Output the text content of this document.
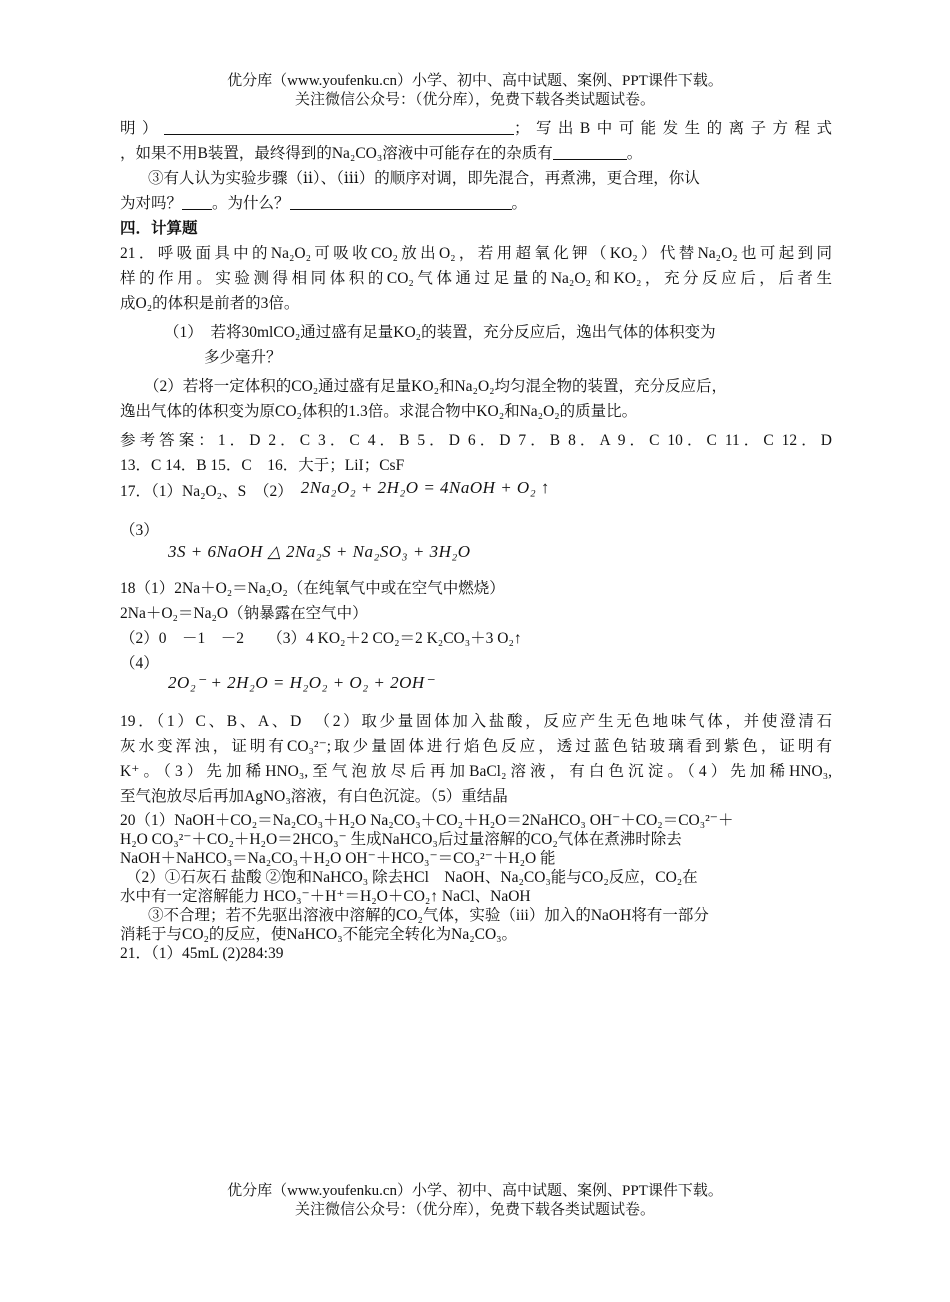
优分库（www.youfenku.cn）小学、初中、高中试题、案例、PPT课件下载。
关注微信公众号：（优分库），免费下载各类试题试卷。

明）	；写出B中可能发生的离子方程式

，如果不用B装置，最终得到的Na₂CO₃溶液中可能存在的杂质有	。

③有人认为实验步骤（ⅱ）、（ⅲ）的顺序对调，即先混合，再煮沸，更合理，你认

为对吗？ 。为什么？	。

四．计算题

21．呼吸面具中的Na₂O₂可吸收CO₂放出O₂，若用超氧化钾（KO₂）代替Na₂O₂也可起到同

样的作用。实验测得相同体积的CO₂气体通过足量的Na₂O₂和KO₂，充分反应后，后者生

成O₂的体积是前者的3倍。

（1）　若将30mlCO₂通过盛有足量KO₂的装置，充分反应后，逸出气体的体积变为

多少毫升？

（2）若将一定体积的CO₂通过盛有足量KO₂和Na₂O₂均匀混全物的装置，充分反应后，

逸出气体的体积变为原CO₂体积的1.3倍。求混合物中KO₂和Na₂O₂的质量比。

参考答案：1．D 2．C 3．C 4．B 5．D 6．D 7．B 8．A 9．C 10．C 11．C 12．D

13．C 14．B 15．C　16．大于；LiI；CsF

17．（1）Na₂O₂、S　（2） 2Na₂O₂ + 2H₂O = 4NaOH + O₂ ↑

（3）

3S + 6NaOH △ 2Na₂S + Na₂SO₃ + 3H₂O

18（1）2Na＋O₂＝Na₂O₂（在纯氧气中或在空气中燃烧）

2Na＋O₂＝Na₂O（钠暴露在空气中）

（2）0　－1　－2　　（3）4 KO₂＋2 CO₂＝2 K₂CO₃＋3 O₂↑

（4）

2O₂⁻ + 2H₂O = H₂O₂ + O₂ + 2OH⁻

19．（1）C、B、A、D　（2）取少量固体加入盐酸，反应产生无色地味气体，并使澄清石

灰水变浑浊，证明有CO₃²⁻;取少量固体进行焰色反应，透过蓝色钴玻璃看到紫色，证明有

K⁺。（3）先加稀HNO₃,至气泡放尽后再加BaCl₂溶液，有白色沉淀。（4）先加稀HNO₃,

至气泡放尽后再加AgNO₃溶液，有白色沉淀。（5）重结晶

20（1）NaOH＋CO₂＝Na₂CO₃＋H₂O Na₂CO₃＋CO₂＋H₂O＝2NaHCO₃ OH⁻＋CO₂＝CO₃²⁻＋

H₂O CO₃²⁻＋CO₂＋H₂O＝2HCO₃⁻ 生成NaHCO₃后过量溶解的CO₂气体在煮沸时除去

NaOH＋NaHCO₃＝Na₂CO₃＋H₂O OH⁻＋HCO₃⁻＝CO₃²⁻＋H₂O 能

（2）①石灰石 盐酸 ②饱和NaHCO₃ 除去HCl　NaOH、Na₂CO₃能与CO₂反应，CO₂在

水中有一定溶解能力 HCO₃⁻＋H⁺＝H₂O＋CO₂↑ NaCl、NaOH

③不合理；若不先驱出溶液中溶解的CO₂气体，实验（iii）加入的NaOH将有一部分

消耗于与CO₂的反应，使NaHCO₃不能完全转化为Na₂CO₃。

21．（1）45mL (2)284:39

优分库（www.youfenku.cn）小学、初中、高中试题、案例、PPT课件下载。
关注微信公众号：（优分库），免费下载各类试题试卷。
